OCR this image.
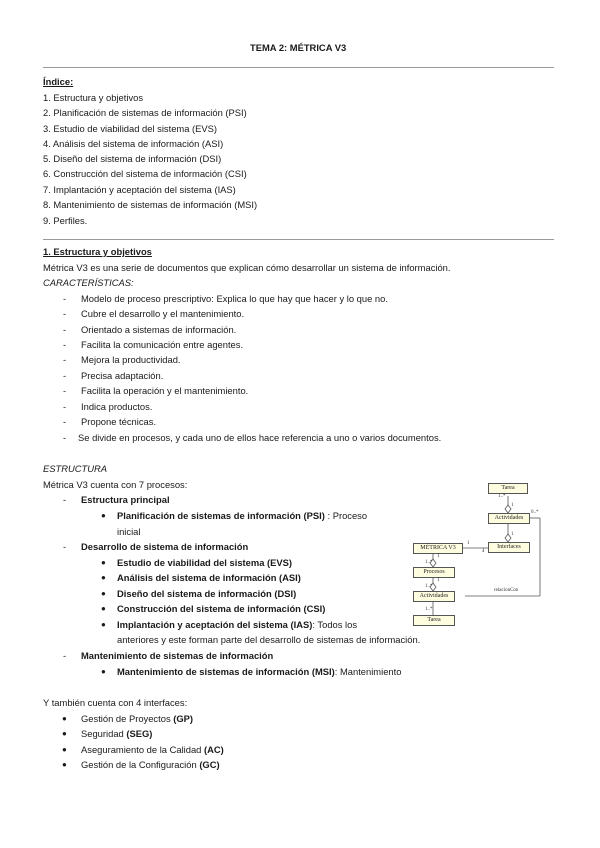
TEMA 2: MÉTRICA V3
Índice:
1. Estructura y objetivos
2. Planificación de sistemas de información (PSI)
3. Estudio de viabilidad del sistema (EVS)
4. Análisis del sistema de información (ASI)
5. Diseño del sistema de información (DSI)
6. Construcción del sistema de información (CSI)
7. Implantación y aceptación del sistema (IAS)
8. Mantenimiento de sistemas de información (MSI)
9. Perfiles.
1. Estructura y objetivos
Métrica V3 es una serie de documentos que explican cómo desarrollar un sistema de información.
CARACTERÍSTICAS:
- Modelo de proceso prescriptivo: Explica lo que hay que hacer y lo que no.
- Cubre el desarrollo y el mantenimiento.
- Orientado a sistemas de información.
- Facilita la comunicación entre agentes.
- Mejora la productividad.
- Precisa adaptación.
- Facilita la operación y el mantenimiento.
- Indica productos.
- Propone técnicas.
- Se divide en procesos, y cada uno de ellos hace referencia a uno o varios documentos.
ESTRUCTURA
Métrica V3 cuenta con 7 procesos:
- Estructura principal
● Planificación de sistemas de información (PSI) : Proceso
inicial
- Desarrollo de sistema de información
● Estudio de viabilidad del sistema (EVS)
● Análisis del sistema de información (ASI)
● Diseño del sistema de información (DSI)
● Construcción del sistema de información (CSI)
● Implantación y aceptación del sistema (IAS): Todos los
anteriores y este forman parte del desarrollo de sistemas de información.
- Mantenimiento de sistemas de información
● Mantenimiento de sistemas de información (MSI): Mantenimiento
Y también cuenta con 4 interfaces:
● Gestión de Proyectos (GP)
● Seguridad (SEG)
● Aseguramiento de la Calidad (AC)
● Gestión de la Configuración (GC)
Tarea
Actividades
Interfaces
MÉTRICA V3
Procesos
Actividades
Tarea
1..*
1
0..*
1
1
4
1
1..*
1
1..*
1..*
relacionCon
